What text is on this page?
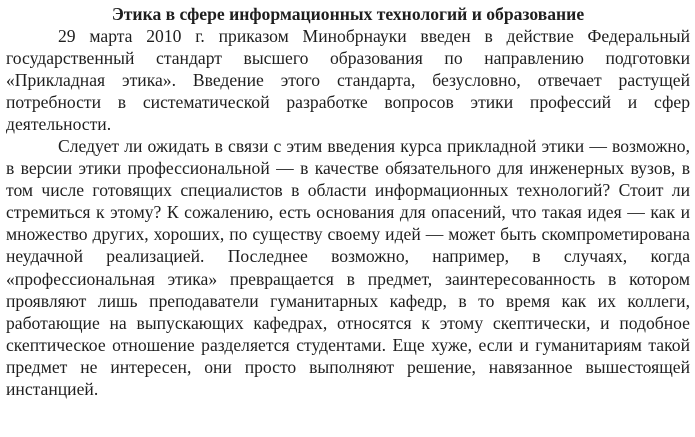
Этика в сфере информационных технологий и образование

29 марта 2010 г. приказом Минобрнауки введен в действие Федеральный государственный стандарт высшего образования по направлению подготовки «Прикладная этика». Введение этого стандарта, безусловно, отвечает растущей потребности в систематической разработке вопросов этики профессий и сфер деятельности.

Следует ли ожидать в связи с этим введения курса прикладной этики — возможно, в версии этики профессиональной — в качестве обязательного для инженерных вузов, в том числе готовящих специалистов в области информационных технологий? Стоит ли стремиться к этому? К сожалению, есть основания для опасений, что такая идея — как и множество других, хороших, по существу своему идей — может быть скомпрометирована неудачной реализацией. Последнее возможно, например, в случаях, когда «профессиональная этика» превращается в предмет, заинтересованность в котором проявляют лишь преподаватели гуманитарных кафедр, в то время как их коллеги, работающие на выпускающих кафедрах, относятся к этому скептически, и подобное скептическое отношение разделяется студентами. Еще хуже, если и гуманитариям такой предмет не интересен, они просто выполняют решение, навязанное вышестоящей инстанцией.
